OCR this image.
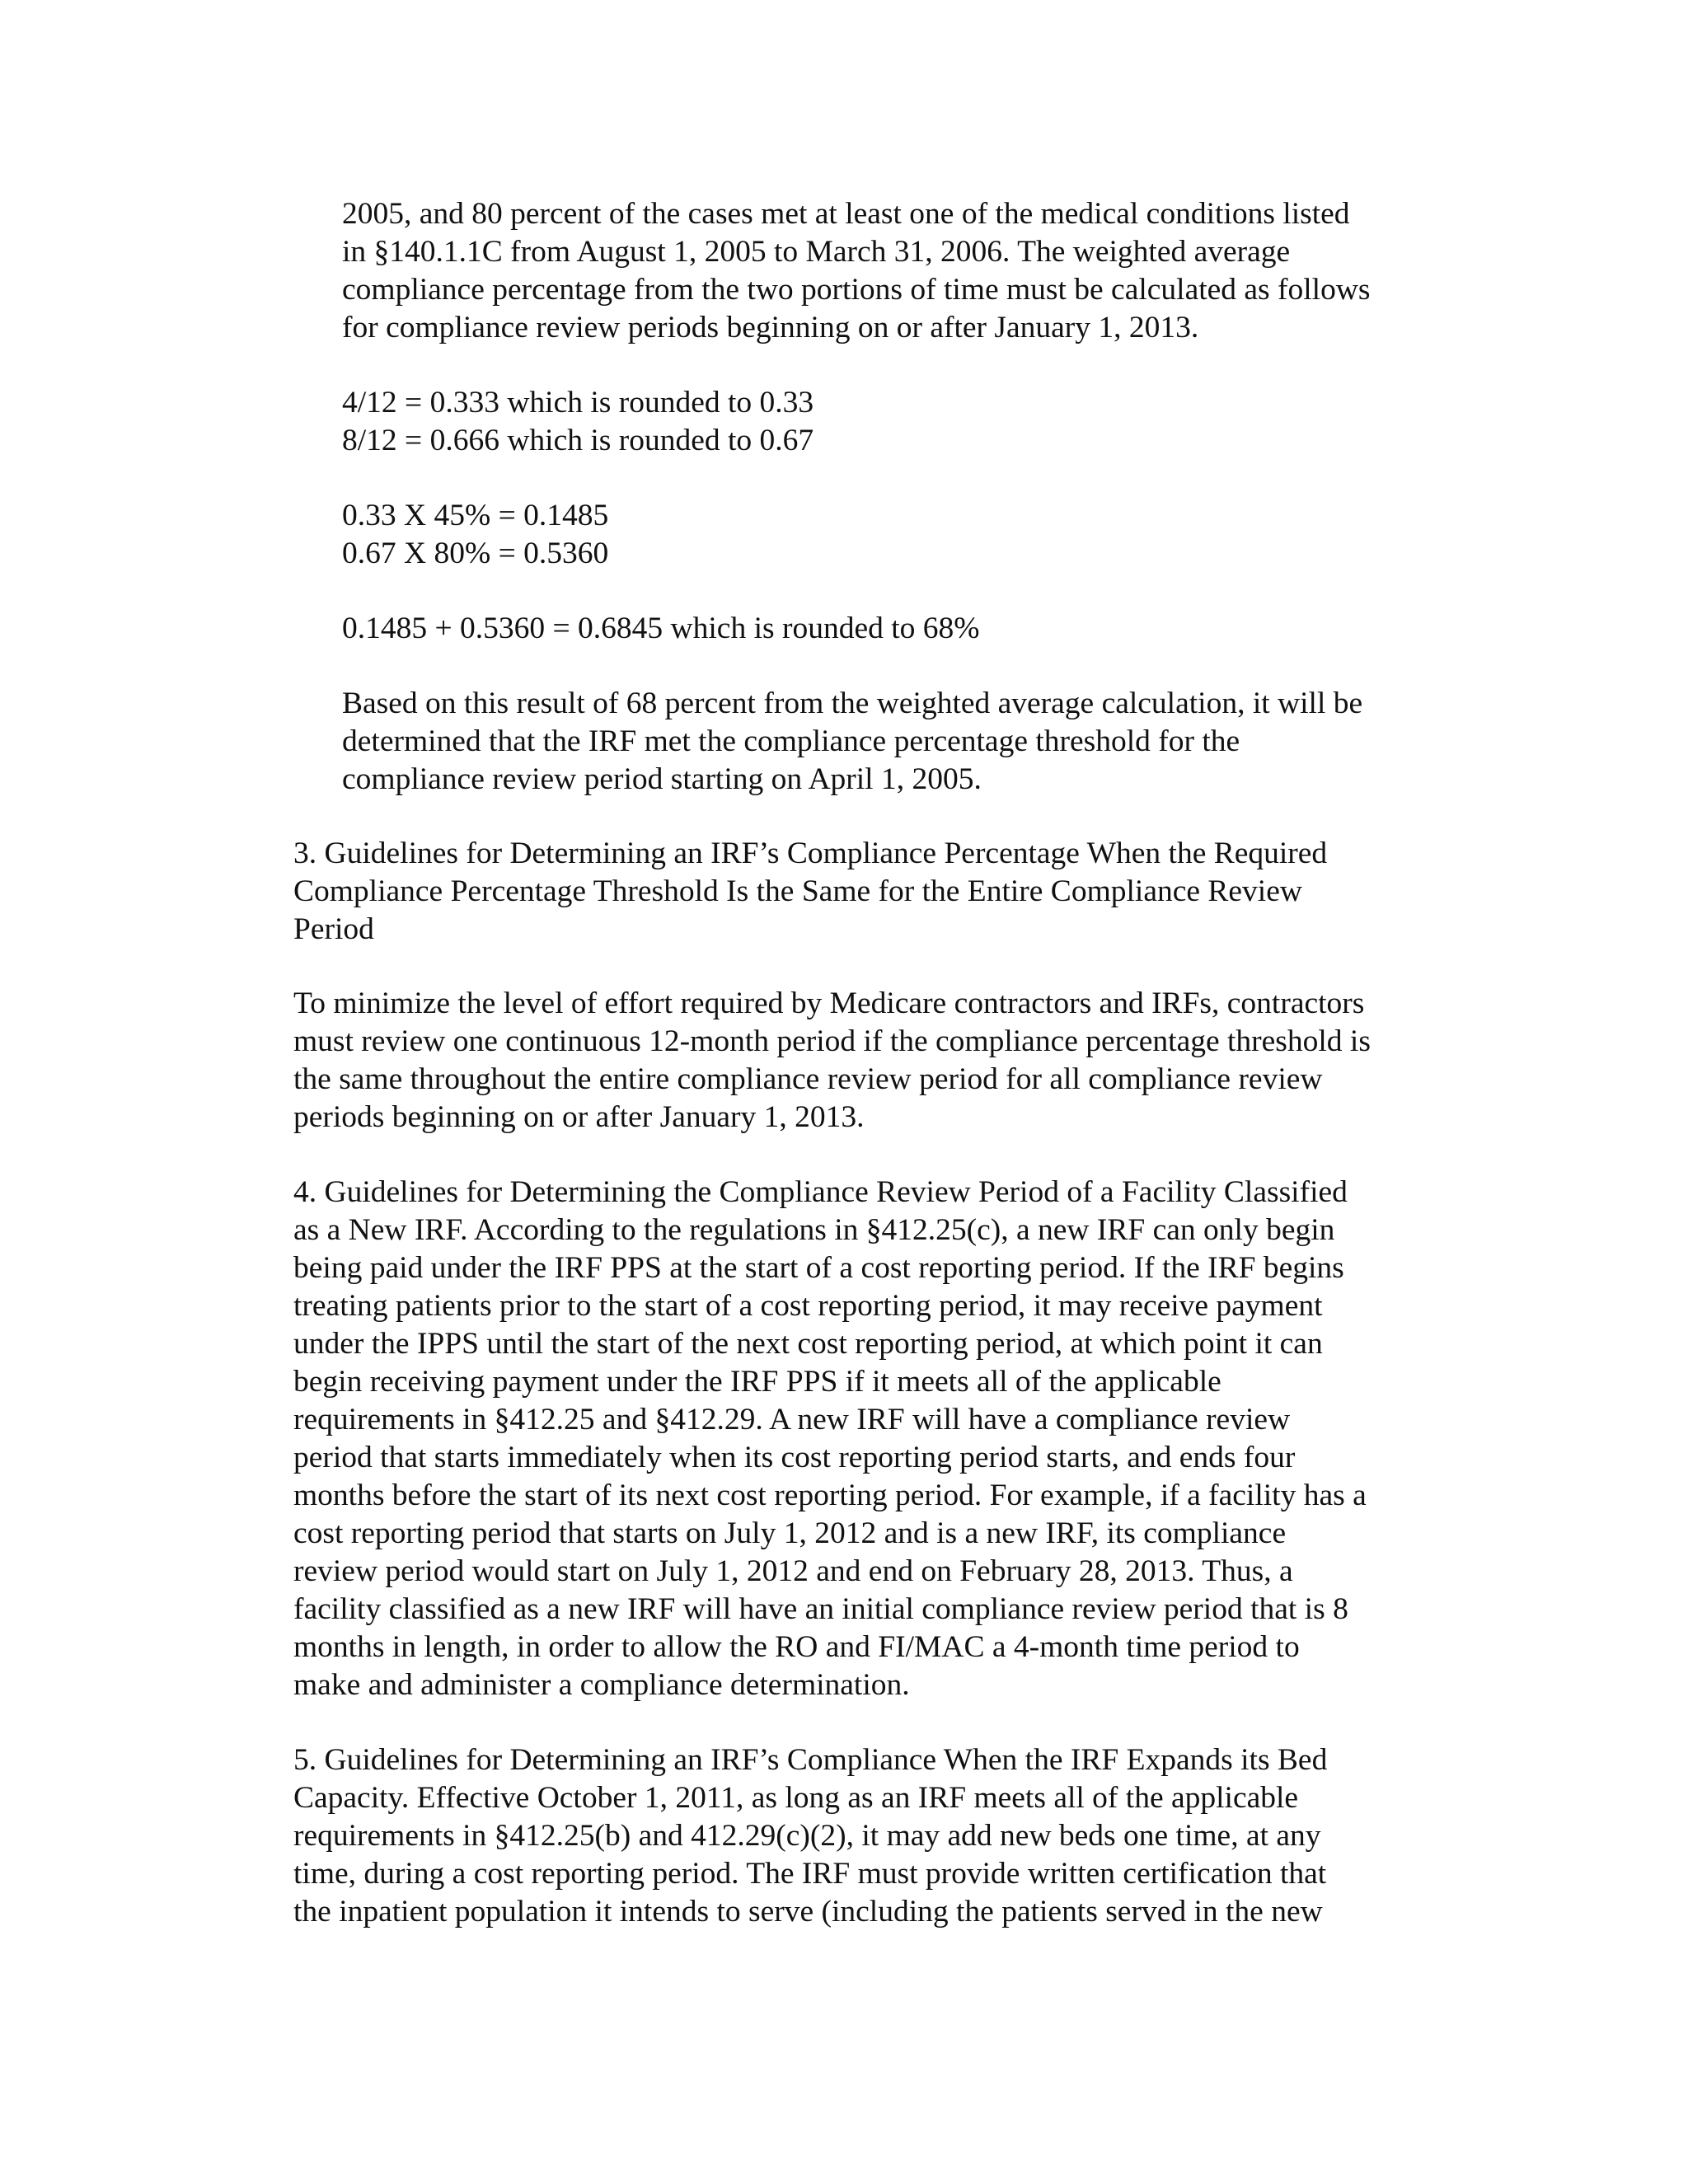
2005, and 80 percent of the cases met at least one of the medical conditions listed

in §140.1.1C from August 1, 2005 to March 31, 2006. The weighted average

compliance percentage from the two portions of time must be calculated as follows

for compliance review periods beginning on or after January 1, 2013.

4/12 = 0.333 which is rounded to 0.33

8/12 = 0.666 which is rounded to 0.67

0.33 X 45% = 0.1485

0.67 X 80% = 0.5360

0.1485 + 0.5360 = 0.6845 which is rounded to 68%

Based on this result of 68 percent from the weighted average calculation, it will be

determined that the IRF met the compliance percentage threshold for the

compliance review period starting on April 1, 2005.

3. Guidelines for Determining an IRF’s Compliance Percentage When the Required

Compliance Percentage Threshold Is the Same for the Entire Compliance Review

Period

To minimize the level of effort required by Medicare contractors and IRFs, contractors

must review one continuous 12-month period if the compliance percentage threshold is

the same throughout the entire compliance review period for all compliance review

periods beginning on or after January 1, 2013.

4. Guidelines for Determining the Compliance Review Period of a Facility Classified

as a New IRF. According to the regulations in §412.25(c), a new IRF can only begin

being paid under the IRF PPS at the start of a cost reporting period. If the IRF begins

treating patients prior to the start of a cost reporting period, it may receive payment

under the IPPS until the start of the next cost reporting period, at which point it can

begin receiving payment under the IRF PPS if it meets all of the applicable

requirements in §412.25 and §412.29. A new IRF will have a compliance review

period that starts immediately when its cost reporting period starts, and ends four

months before the start of its next cost reporting period. For example, if a facility has a

cost reporting period that starts on July 1, 2012 and is a new IRF, its compliance

review period would start on July 1, 2012 and end on February 28, 2013. Thus, a

facility classified as a new IRF will have an initial compliance review period that is 8

months in length, in order to allow the RO and FI/MAC a 4-month time period to

make and administer a compliance determination.

5. Guidelines for Determining an IRF’s Compliance When the IRF Expands its Bed

Capacity. Effective October 1, 2011, as long as an IRF meets all of the applicable

requirements in §412.25(b) and 412.29(c)(2), it may add new beds one time, at any

time, during a cost reporting period. The IRF must provide written certification that

the inpatient population it intends to serve (including the patients served in the new
